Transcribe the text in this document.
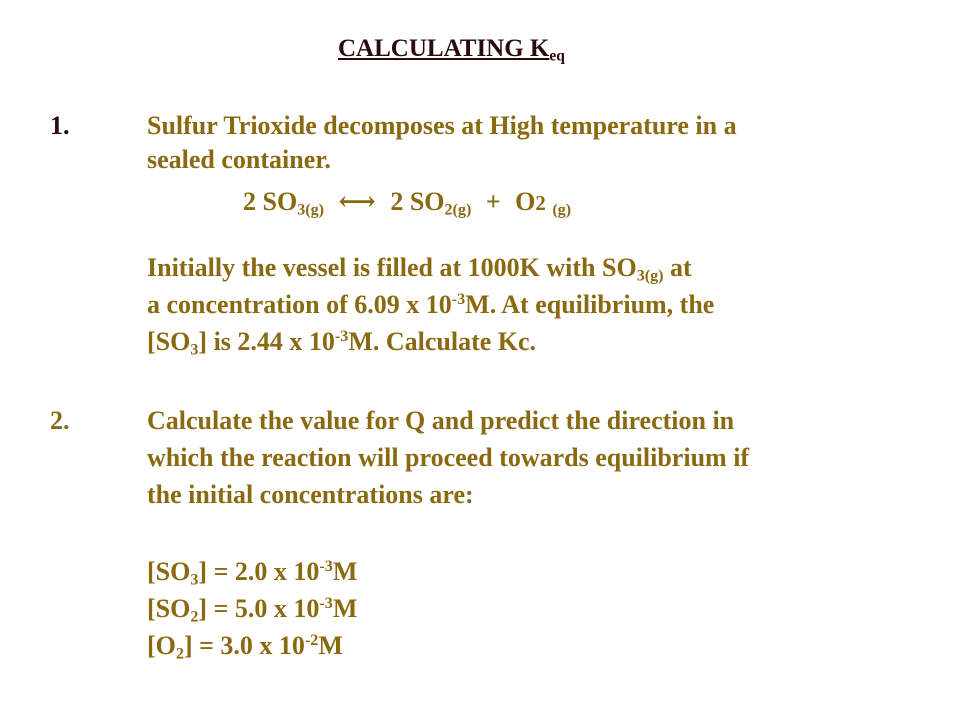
CALCULATING $K_{eq}$
1.	Sulfur Trioxide decomposes at High temperature in a
sealed container.
2 $SO_{3(g)}$ ⟷ 2 $SO_{2(g)} + O2$ $_{(g)}$
Initially the vessel is filled at 1000K with $SO_{3(g)}$ at
a concentration of 6.09 x $10^{-3}M$. At equilibrium, the
$[SO_3]$ is 2.44 x $10^{-3}M$. Calculate Kc.
2.	Calculate the value for Q and predict the direction in
which the reaction will proceed towards equilibrium if
the initial concentrations are:
$[SO_3] = 2.0$ x $10^{-3}M$
$[SO_2] = 5.0$ x $10^{-3}M$
$[O_2] = 3.0$ x $10^{-2}M$
